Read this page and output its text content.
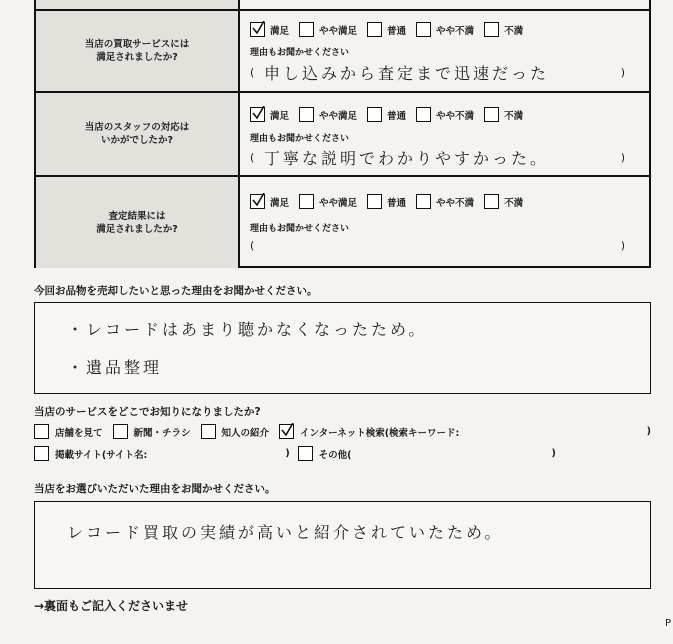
当店の買取サービスには
満足されましたか?
満足	やや満足	普通	やや不満	不満
理由もお聞かせください
( 申し込みから査定まで迅速だった	)
当店のスタッフの対応は
いかがでしたか?
満足	やや満足	普通	やや不満	不満
理由もお聞かせください
( 丁寧な説明でわかりやすかった。	)
査定結果には
満足されましたか?
満足	やや満足	普通	やや不満	不満
理由もお聞かせください
(	)
今回お品物を売却したいと思った理由をお聞かせください。
・レコードはあまり聴かなくなったため。
・遺品整理
当店のサービスをどこでお知りになりましたか?
店舗を見て	新聞・チラシ	知人の紹介	インターネット検索(検索キーワード:	)
掲載サイト(サイト名:	)	その他(	)
当店をお選びいただいた理由をお聞かせください。
レコード買取の実績が高いと紹介されていたため。
→裏面もご記入くださいませ
P
